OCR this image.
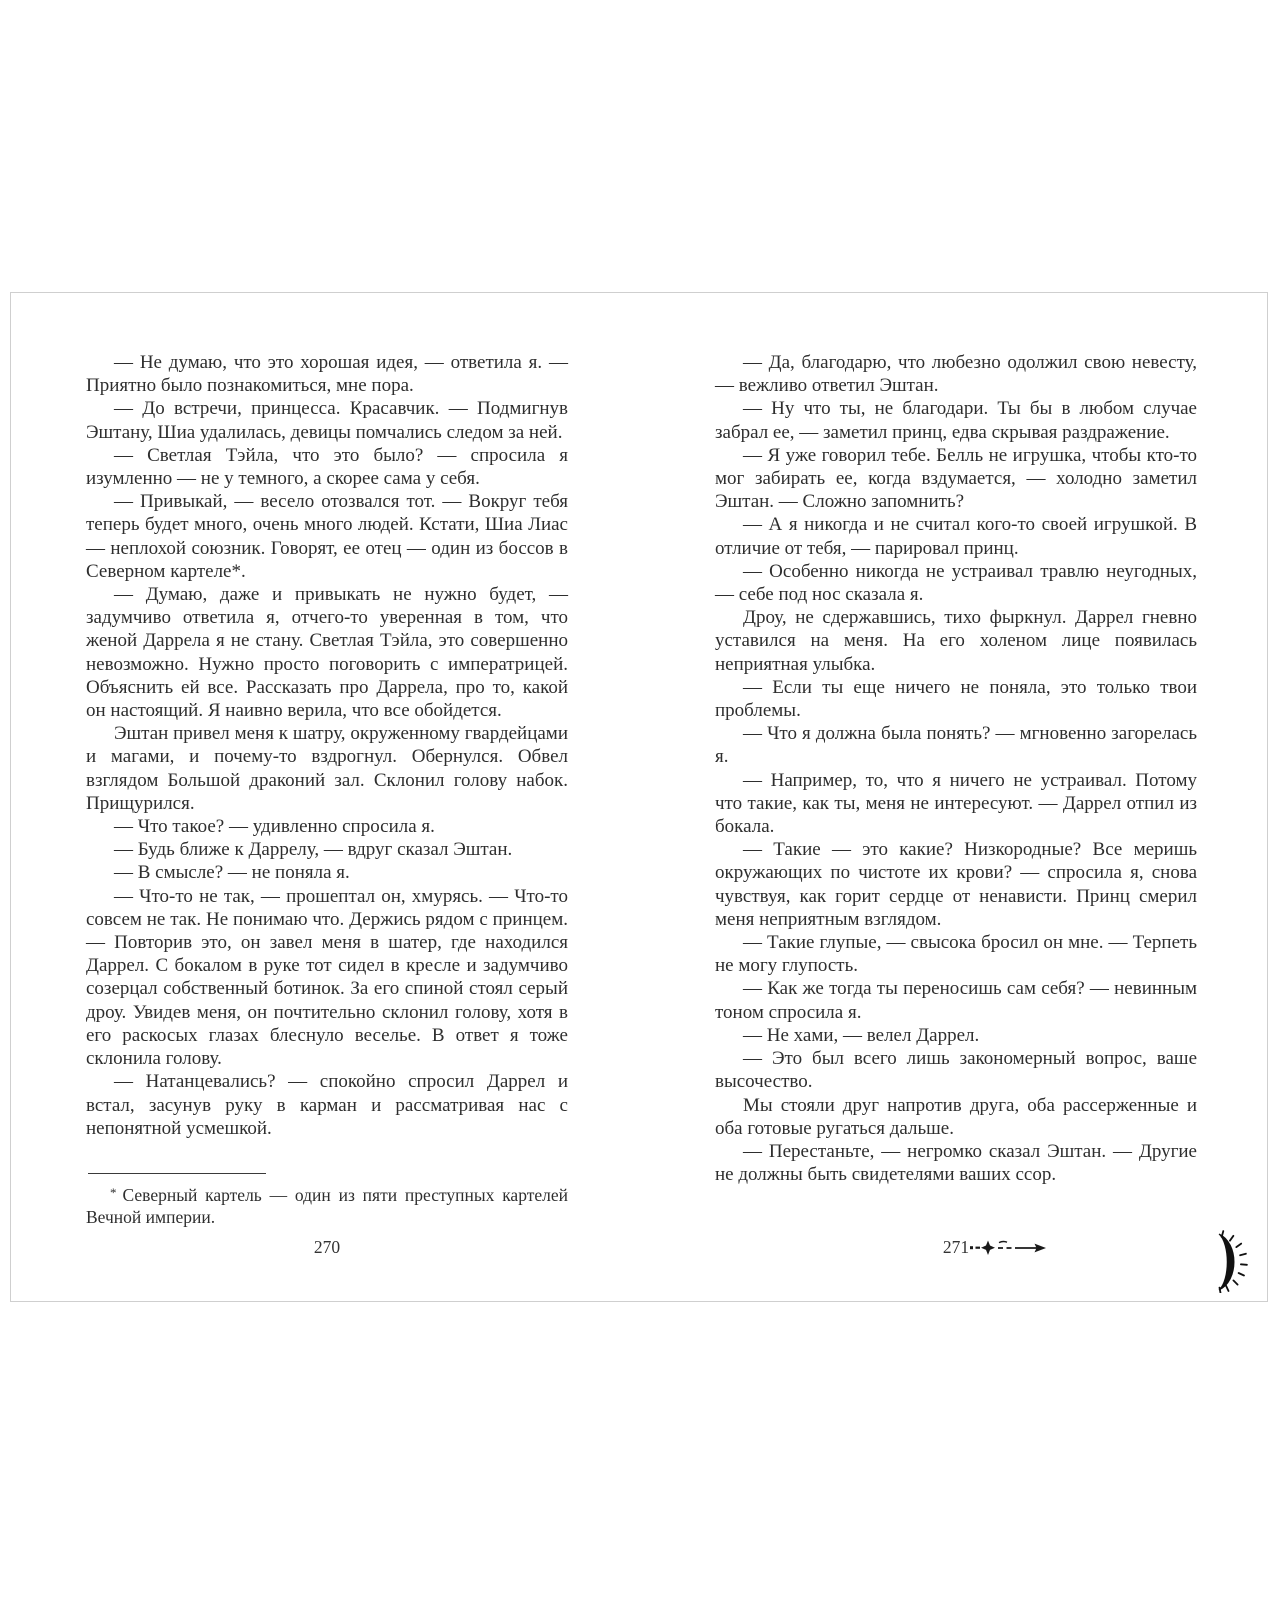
— Не думаю, что это хорошая идея, — ответила я. — Приятно было познакомиться, мне пора.

— До встречи, принцесса. Красавчик. — Подмигнув Эштану, Шиа удалилась, девицы помчались следом за ней.

— Светлая Тэйла, что это было? — спросила я изумленно — не у темного, а скорее сама у себя.

— Привыкай, — весело отозвался тот. — Вокруг тебя теперь будет много, очень много людей. Кстати, Шиа Лиас — неплохой союзник. Говорят, ее отец — один из боссов в Северном картеле*.

— Думаю, даже и привыкать не нужно будет, — задумчиво ответила я, отчего-то уверенная в том, что женой Даррела я не стану. Светлая Тэйла, это совершенно невозможно. Нужно просто поговорить с императрицей. Объяснить ей все. Рассказать про Даррела, про то, какой он настоящий. Я наивно верила, что все обойдется.

Эштан привел меня к шатру, окруженному гвардейцами и магами, и почему-то вздрогнул. Обернулся. Обвел взглядом Большой драконий зал. Склонил голову набок. Прищурился.

— Что такое? — удивленно спросила я.

— Будь ближе к Даррелу, — вдруг сказал Эштан.

— В смысле? — не поняла я.

— Что-то не так, — прошептал он, хмурясь. — Что-то совсем не так. Не понимаю что. Держись рядом с принцем. — Повторив это, он завел меня в шатер, где находился Даррел. С бокалом в руке тот сидел в кресле и задумчиво созерцал собственный ботинок. За его спиной стоял серый дроу. Увидев меня, он почтительно склонил голову, хотя в его раскосых глазах блеснуло веселье. В ответ я тоже склонила голову.

— Натанцевались? — спокойно спросил Даррел и встал, засунув руку в карман и рассматривая нас с непонятной усмешкой.

* Северный картель — один из пяти преступных картелей Вечной империи.

270

— Да, благодарю, что любезно одолжил свою невесту, — вежливо ответил Эштан.

— Ну что ты, не благодари. Ты бы в любом случае забрал ее, — заметил принц, едва скрывая раздражение.

— Я уже говорил тебе. Белль не игрушка, чтобы кто-то мог забирать ее, когда вздумается, — холодно заметил Эштан. — Сложно запомнить?

— А я никогда и не считал кого-то своей игрушкой. В отличие от тебя, — парировал принц.

— Особенно никогда не устраивал травлю неугодных, — себе под нос сказала я.

Дроу, не сдержавшись, тихо фыркнул. Даррел гневно уставился на меня. На его холеном лице появилась неприятная улыбка.

— Если ты еще ничего не поняла, это только твои проблемы.

— Что я должна была понять? — мгновенно загорелась я.

— Например, то, что я ничего не устраивал. Потому что такие, как ты, меня не интересуют. — Даррел отпил из бокала.

— Такие — это какие? Низкородные? Все меришь окружающих по чистоте их крови? — спросила я, снова чувствуя, как горит сердце от ненависти. Принц смерил меня неприятным взглядом.

— Такие глупые, — свысока бросил он мне. — Терпеть не могу глупость.

— Как же тогда ты переносишь сам себя? — невинным тоном спросила я.

— Не хами, — велел Даррел.

— Это был всего лишь закономерный вопрос, ваше высочество.

Мы стояли друг напротив друга, оба рассерженные и оба готовые ругаться дальше.

— Перестаньте, — негромко сказал Эштан. — Другие не должны быть свидетелями ваших ссор.

271
